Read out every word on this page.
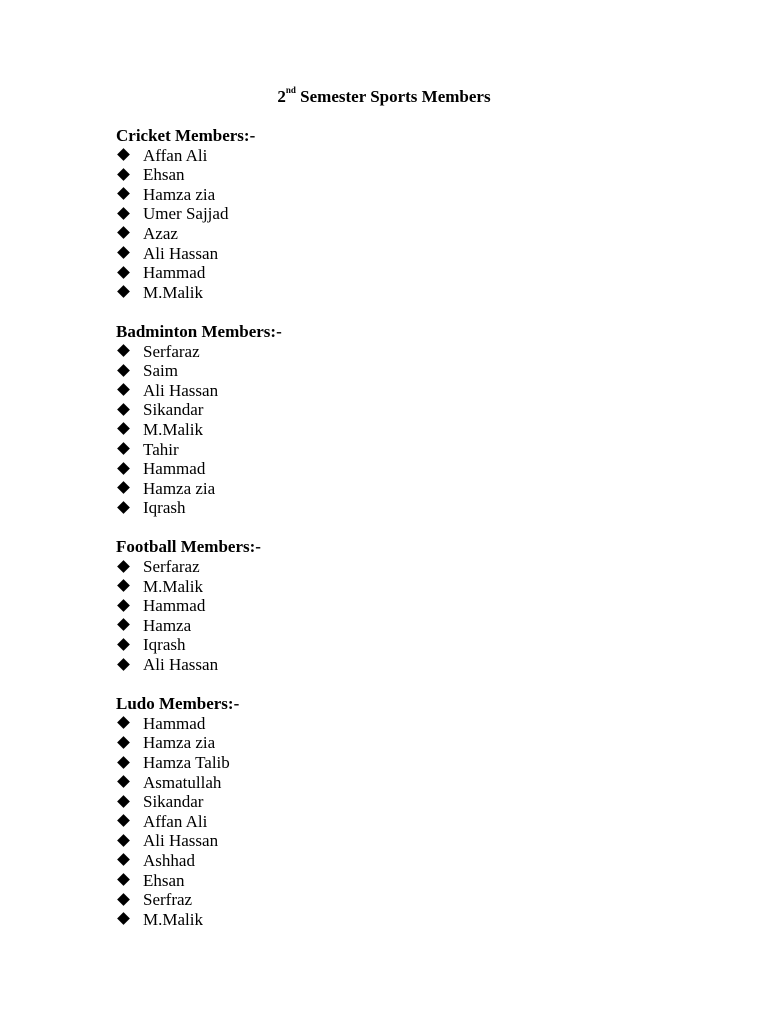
2nd Semester Sports Members
Cricket Members:-
Affan Ali
Ehsan
Hamza zia
Umer Sajjad
Azaz
Ali Hassan
Hammad
M.Malik
Badminton Members:-
Serfaraz
Saim
Ali Hassan
Sikandar
M.Malik
Tahir
Hammad
Hamza zia
Iqrash
Football Members:-
Serfaraz
M.Malik
Hammad
Hamza
Iqrash
Ali Hassan
Ludo Members:-
Hammad
Hamza zia
Hamza Talib
Asmatullah
Sikandar
Affan Ali
Ali Hassan
Ashhad
Ehsan
Serfraz
M.Malik
